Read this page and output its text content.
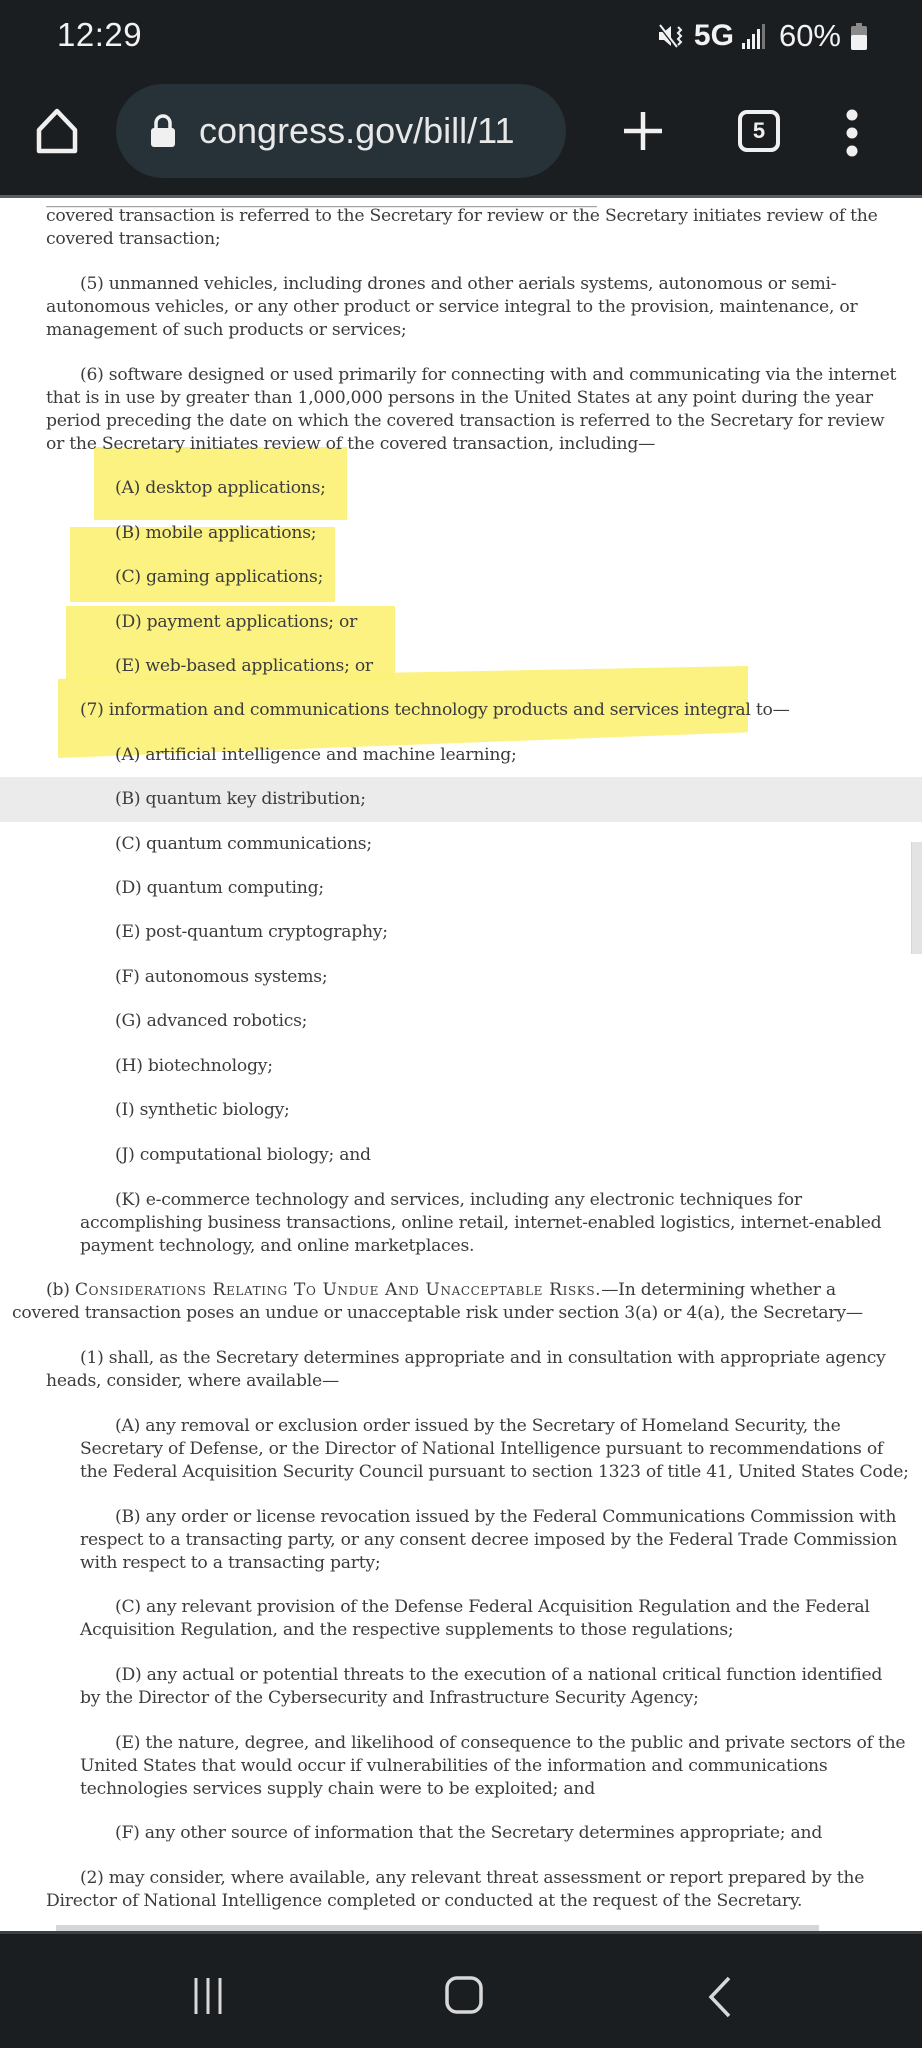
12:29	5G 60%
congress.gov/bill/11	5
__________________________________________________________________
covered transaction is referred to the Secretary for review or the Secretary initiates review of the
covered transaction;
(5) unmanned vehicles, including drones and other aerials systems, autonomous or semi-
autonomous vehicles, or any other product or service integral to the provision, maintenance, or
management of such products or services;
(6) software designed or used primarily for connecting with and communicating via the internet
that is in use by greater than 1,000,000 persons in the United States at any point during the year
period preceding the date on which the covered transaction is referred to the Secretary for review
or the Secretary initiates review of the covered transaction, including—
(A) desktop applications;
(B) mobile applications;
(C) gaming applications;
(D) payment applications; or
(E) web-based applications; or
(7) information and communications technology products and services integral to—
(A) artificial intelligence and machine learning;
(B) quantum key distribution;
(C) quantum communications;
(D) quantum computing;
(E) post-quantum cryptography;
(F) autonomous systems;
(G) advanced robotics;
(H) biotechnology;
(I) synthetic biology;
(J) computational biology; and
(K) e-commerce technology and services, including any electronic techniques for
accomplishing business transactions, online retail, internet-enabled logistics, internet-enabled
payment technology, and online marketplaces.
(b) Considerations Relating To Undue And Unacceptable Risks.—In determining whether a
covered transaction poses an undue or unacceptable risk under section 3(a) or 4(a), the Secretary—
(1) shall, as the Secretary determines appropriate and in consultation with appropriate agency
heads, consider, where available—
(A) any removal or exclusion order issued by the Secretary of Homeland Security, the
Secretary of Defense, or the Director of National Intelligence pursuant to recommendations of
the Federal Acquisition Security Council pursuant to section 1323 of title 41, United States Code;
(B) any order or license revocation issued by the Federal Communications Commission with
respect to a transacting party, or any consent decree imposed by the Federal Trade Commission
with respect to a transacting party;
(C) any relevant provision of the Defense Federal Acquisition Regulation and the Federal
Acquisition Regulation, and the respective supplements to those regulations;
(D) any actual or potential threats to the execution of a national critical function identified
by the Director of the Cybersecurity and Infrastructure Security Agency;
(E) the nature, degree, and likelihood of consequence to the public and private sectors of the
United States that would occur if vulnerabilities of the information and communications
technologies services supply chain were to be exploited; and
(F) any other source of information that the Secretary determines appropriate; and
(2) may consider, where available, any relevant threat assessment or report prepared by the
Director of National Intelligence completed or conducted at the request of the Secretary.
